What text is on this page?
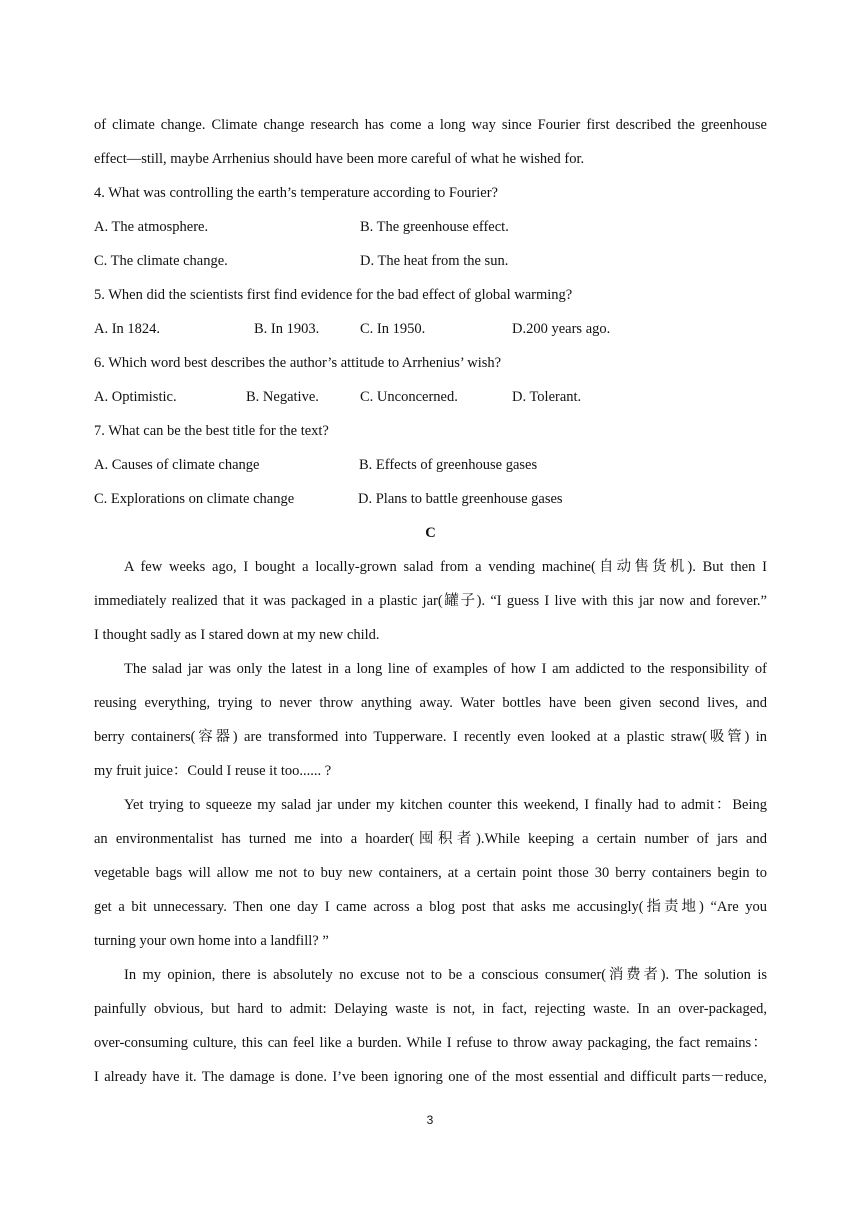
of climate change. Climate change research has come a long way since Fourier first described the greenhouse
effect—still, maybe Arrhenius should have been more careful of what he wished for.
4. What was controlling the earth’s temperature according to Fourier?
A. The atmosphere.	B. The greenhouse effect.
C. The climate change.	D. The heat from the sun.
5. When did the scientists first find evidence for the bad effect of global warming?
A. In 1824.	B. In 1903.	C. In 1950.	D.200 years ago.
6. Which word best describes the author’s attitude to Arrhenius’ wish?
A. Optimistic.	B. Negative.	C. Unconcerned.	D. Tolerant.
7. What can be the best title for the text?
A. Causes of climate change	B. Effects of greenhouse gases
C. Explorations on climate change	D. Plans to battle greenhouse gases
C
A few weeks ago, I bought a locally-grown salad from a vending machine(自动售货机). But then I
immediately realized that it was packaged in a plastic jar(罐子). “I guess I live with this jar now and forever.”
I thought sadly as I stared down at my new child.
The salad jar was only the latest in a long line of examples of how I am addicted to the responsibility of
reusing everything, trying to never throw anything away. Water bottles have been given second lives, and
berry containers(容器) are transformed into Tupperware. I recently even looked at a plastic straw(吸管) in
my fruit juice：Could I reuse it too...... ?
Yet trying to squeeze my salad jar under my kitchen counter this weekend, I finally had to admit：Being
an environmentalist has turned me into a hoarder(囤积者).While keeping a certain number of jars and
vegetable bags will allow me not to buy new containers, at a certain point those 30 berry containers begin to
get a bit unnecessary. Then one day I came across a blog post that asks me accusingly(指责地) “Are you
turning your own home into a landfill? ”
In my opinion, there is absolutely no excuse not to be a conscious consumer(消费者). The solution is
painfully obvious, but hard to admit: Delaying waste is not, in fact, rejecting waste. In an over-packaged,
over-consuming culture, this can feel like a burden. While I refuse to throw away packaging, the fact remains：
I already have it. The damage is done. I’ve been ignoring one of the most essential and difficult parts－reduce,
3
